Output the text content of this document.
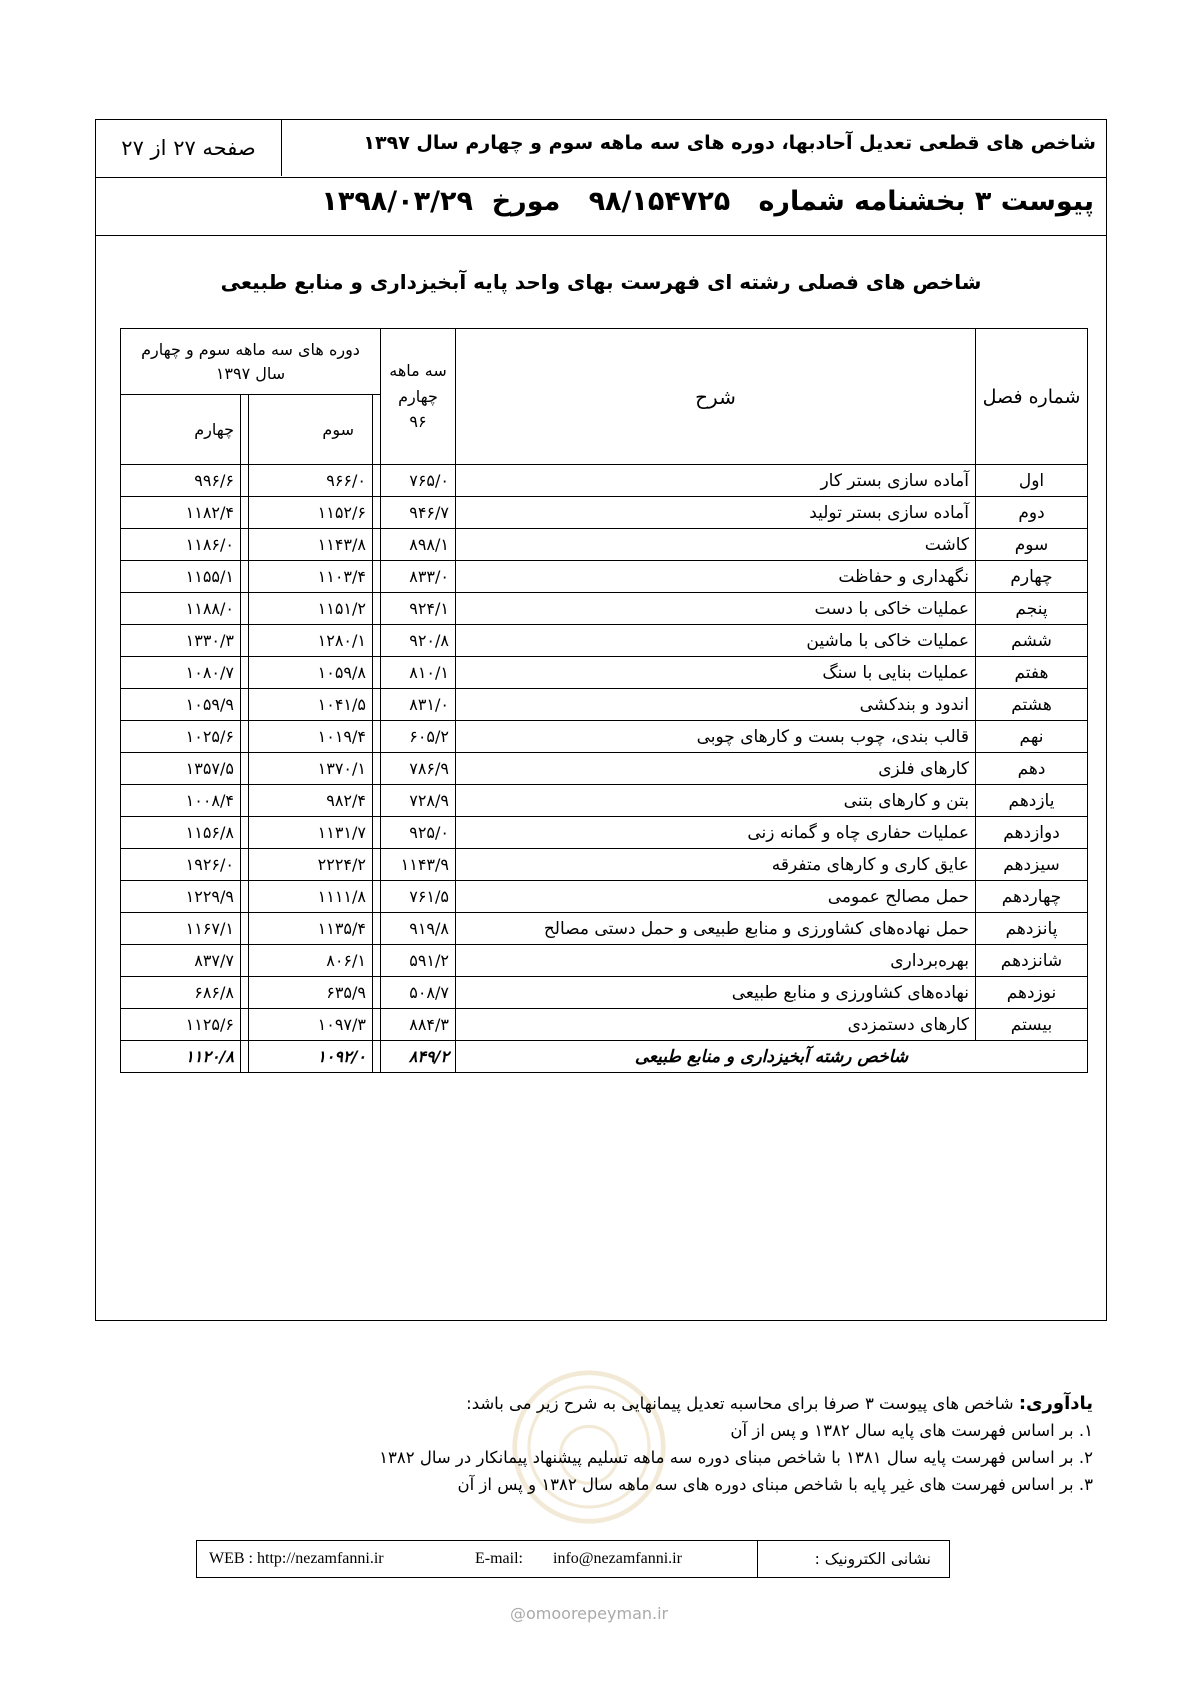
شاخص های قطعی تعدیل آحادبها، دوره های سه ماهه سوم و چهارم سال ۱۳۹۷
صفحه ۲۷ از ۲۷
پیوست ۳ بخشنامه شماره   ۹۸/۱۵۴۷۲۵   مورخ  ۱۳۹۸/۰۳/۲۹
شاخص های فصلی رشته ای فهرست بهای واحد پایه آبخیزداری و منابع طبیعی
شماره فصل	شرح	سه ماهه چهارم ۹۶	دوره های سه ماهه سوم و چهارم سال ۱۳۹۷			
				سوم		چهارم
اول	آماده سازی بستر کار	۷۶۵/۰		۹۶۶/۰		۹۹۶/۶
دوم	آماده سازی بستر تولید	۹۴۶/۷		۱۱۵۲/۶		۱۱۸۲/۴
سوم	کاشت	۸۹۸/۱		۱۱۴۳/۸		۱۱۸۶/۰
چهارم	نگهداری و حفاظت	۸۳۳/۰		۱۱۰۳/۴		۱۱۵۵/۱
پنجم	عملیات خاکی با دست	۹۲۴/۱		۱۱۵۱/۲		۱۱۸۸/۰
ششم	عملیات خاکی با ماشین	۹۲۰/۸		۱۲۸۰/۱		۱۳۳۰/۳
هفتم	عملیات بنایی با سنگ	۸۱۰/۱		۱۰۵۹/۸		۱۰۸۰/۷
هشتم	اندود و بندکشی	۸۳۱/۰		۱۰۴۱/۵		۱۰۵۹/۹
نهم	قالب بندی، چوب بست و کارهای چوبی	۶۰۵/۲		۱۰۱۹/۴		۱۰۲۵/۶
دهم	کارهای فلزی	۷۸۶/۹		۱۳۷۰/۱		۱۳۵۷/۵
یازدهم	بتن و کارهای بتنی	۷۲۸/۹		۹۸۲/۴		۱۰۰۸/۴
دوازدهم	عملیات حفاری چاه و گمانه زنی	۹۲۵/۰		۱۱۳۱/۷		۱۱۵۶/۸
سیزدهم	عایق کاری و کارهای متفرقه	۱۱۴۳/۹		۲۲۲۴/۲		۱۹۲۶/۰
چهاردهم	حمل مصالح عمومی	۷۶۱/۵		۱۱۱۱/۸		۱۲۲۹/۹
پانزدهم	حمل نهاده‌های کشاورزی و منابع طبیعی و حمل دستی مصالح	۹۱۹/۸		۱۱۳۵/۴		۱۱۶۷/۱
شانزدهم	بهره‌برداری	۵۹۱/۲		۸۰۶/۱		۸۳۷/۷
نوزدهم	نهاده‌های کشاورزی و منابع طبیعی	۵۰۸/۷		۶۳۵/۹		۶۸۶/۸
بیستم	کارهای دستمزدی	۸۸۴/۳		۱۰۹۷/۳		۱۱۲۵/۶
شاخص رشته آبخیزداری و منابع طبیعی		۸۴۹/۲		۱۰۹۲/۰		۱۱۲۰/۸
یادآوری: شاخص های پیوست ۳ صرفا برای محاسبه تعدیل پیمانهایی به شرح زیر می باشد:
۱. بر اساس فهرست های پایه سال ۱۳۸۲ و پس از آن
۲. بر اساس فهرست پایه سال ۱۳۸۱ با شاخص مبنای دوره سه ماهه تسلیم پیشنهاد پیمانکار در سال ۱۳۸۲
۳. بر اساس فهرست های غیر پایه با شاخص مبنای دوره های سه ماهه سال ۱۳۸۲ و پس از آن
نشانی الکترونیک :
WEB : http://nezamfanni.ir	E-mail: info@nezamfanni.ir
@omoorepeyman.ir
